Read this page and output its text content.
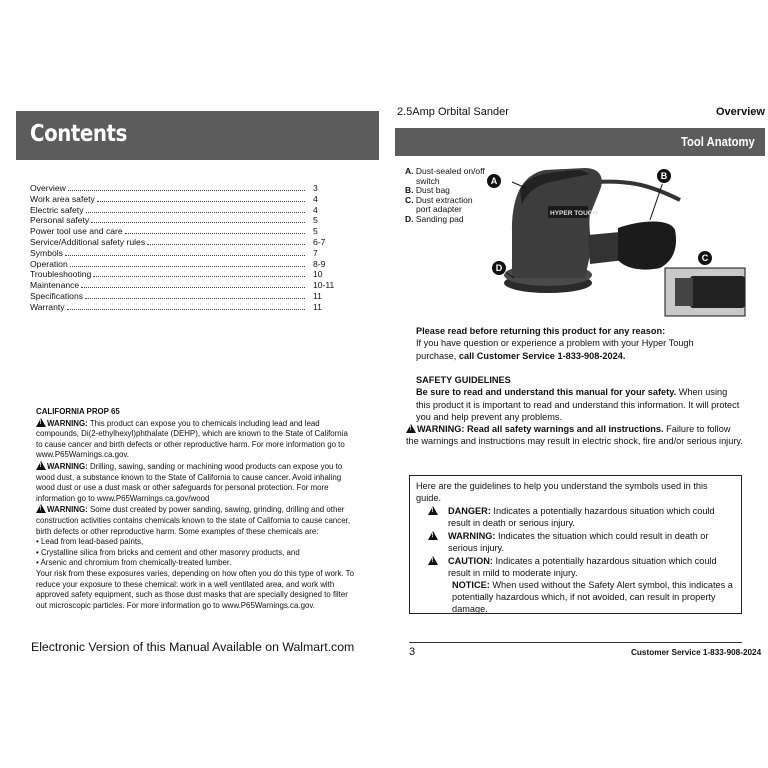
Contents
Overview	3
Work area safety	4
Electric safety	4
Personal safety	5
Power tool use and care	5
Service/Additional safety rules	6-7
Symbols	7
Operation	8-9
Troubleshooting	10
Maintenance	10-11
Specifications	11
Warranty	11

CALIFORNIA PROP 65

!WARNING: This product can expose you to chemicals including lead and lead compounds, Di(2-ethylhexyl)phthalate (DEHP), which are known to the State of California to cause cancer and birth defects or other reproductive harm. For more information go to www.P65Warnings.ca.gov.

!WARNING: Drilling, sawing, sanding or machining wood products can expose you to wood dust, a substance known to the State of California to cause cancer. Avoid inhaling wood dust or use a dust mask or other safeguards for personal protection. For more information go to www.P65Warnings.ca.gov/wood

!WARNING: Some dust created by power sanding, sawing, grinding, drilling and other construction activities contains chemicals known to the state of California to cause cancer, birth defects or other reproductive harm. Some examples of these chemicals are:

• Lead from lead-based paints,

• Crystalline silica from bricks and cement and other masonry products, and

• Arsenic and chromium from chemically-treated lumber.

Your risk from these exposures varies, depending on how often you do this type of work. To reduce your exposure to these chemical: work in a well ventilated area, and work with approved safety equipment, such as those dust masks that are specially designed to filter out microscopic particles. For more information go to www.P65Warnings.ca.gov.

Electronic Version of this Manual Available on Walmart.com
2.5Amp Orbital Sander	Overview
Tool Anatomy
A. Dust-sealed on/off
switch
B. Dust bag
C. Dust extraction
port adapter
D. Sanding pad
HYPER TOUGH
A	B
C
D

Please read before returning this product for any reason:

If you have question or experience a problem with your Hyper Tough purchase, call Customer Service 1-833-908-2024.

SAFETY GUIDELINES

Be sure to read and understand this manual for your safety. When using this product it is important to read and understand this information. It will protect you and help prevent any problems.

!WARNING: Read all safety warnings and all instructions. Failure to follow the warnings and instructions may result in electric shock, fire and/or serious injury.

Here are the guidelines to help you understand the symbols used in this guide.

!
DANGER: Indicates a potentially hazardous situation which could result in death or serious injury.
!
WARNING: Indicates the situation which could result in death or serious injury.
!
CAUTION: Indicates a potentially hazardous situation which could result in mild to moderate injury.
NOTICE: When used without the Safety Alert symbol, this indicates a potentially hazardous which, if not avoided, can result in property damage.
3	Customer Service 1-833-908-2024
